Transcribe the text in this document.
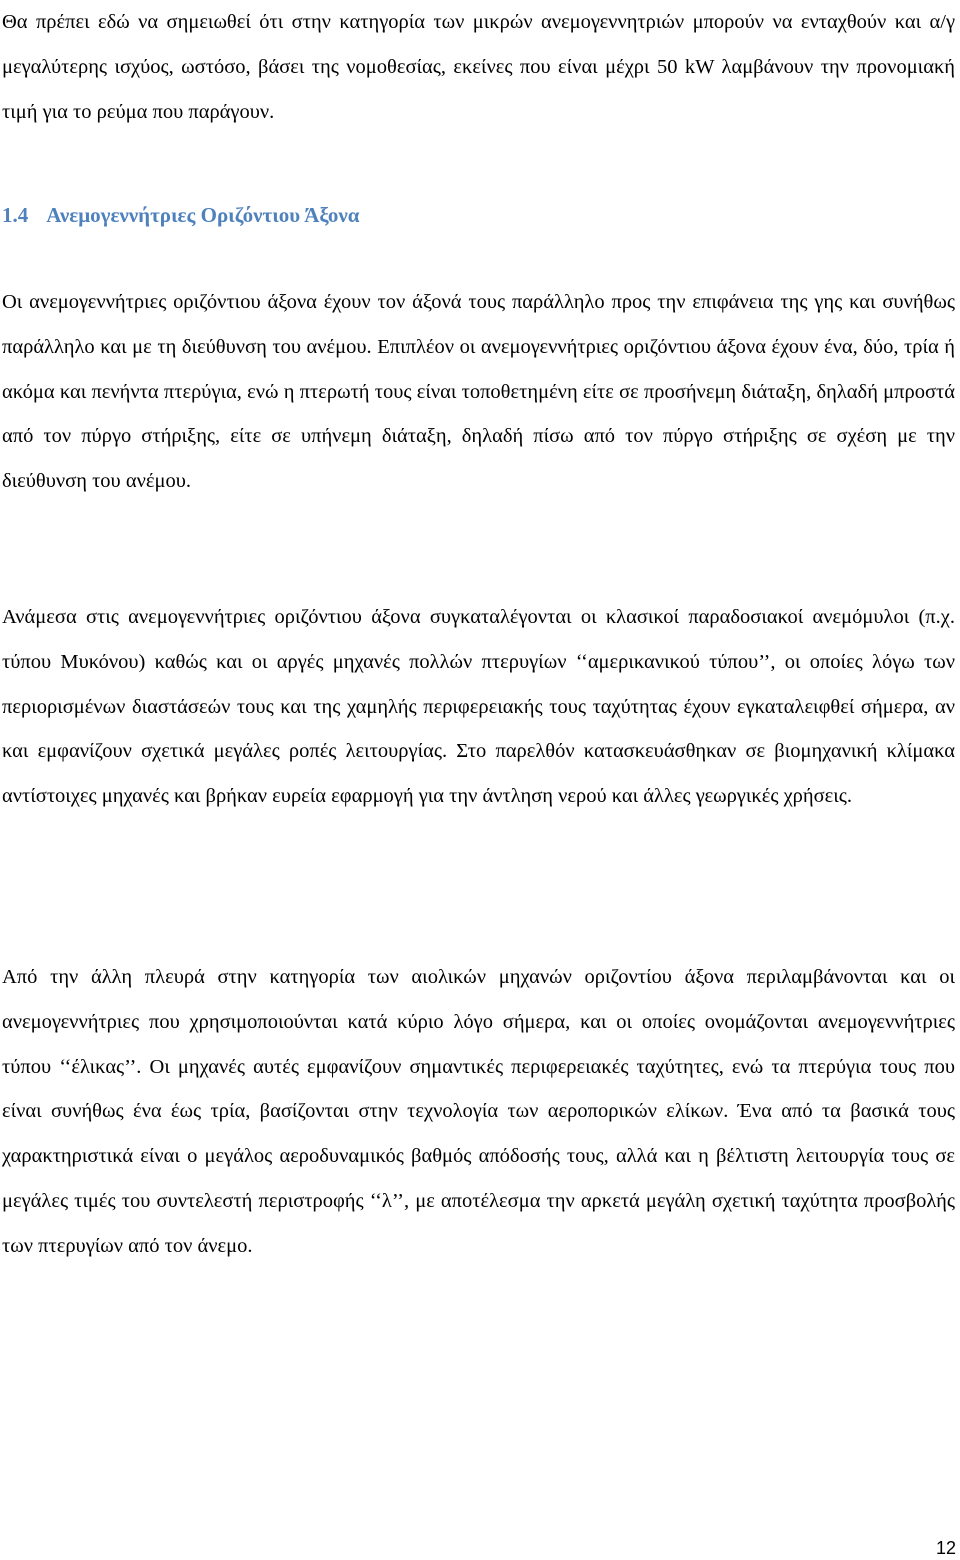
Θα πρέπει εδώ να σημειωθεί ότι στην κατηγορία των μικρών ανεμογεννητριών μπορούν να ενταχθούν και α/γ μεγαλύτερης ισχύος, ωστόσο, βάσει της νομοθεσίας, εκείνες που είναι μέχρι 50 kW λαμβάνουν την προνομιακή τιμή για το ρεύμα που παράγουν.

1.4 Ανεμογεννήτριες Οριζόντιου Άξονα

Οι ανεμογεννήτριες οριζόντιου άξονα έχουν τον άξονά τους παράλληλο προς την επιφάνεια της γης και συνήθως παράλληλο και με τη διεύθυνση του ανέμου. Επιπλέον οι ανεμογεννήτριες οριζόντιου άξονα έχουν ένα, δύο, τρία ή ακόμα και πενήντα πτερύγια, ενώ η πτερωτή τους είναι τοποθετημένη είτε σε προσήνεμη διάταξη, δηλαδή μπροστά από τον πύργο στήριξης, είτε σε υπήνεμη διάταξη, δηλαδή πίσω από τον πύργο στήριξης σε σχέση με την διεύθυνση του ανέμου.

Ανάμεσα στις ανεμογεννήτριες οριζόντιου άξονα συγκαταλέγονται οι κλασικοί παραδοσιακοί ανεμόμυλοι (π.χ. τύπου Μυκόνου) καθώς και οι αργές μηχανές πολλών πτερυγίων ‘‘αμερικανικού τύπου’’, οι οποίες λόγω των περιορισμένων διαστάσεών τους και της χαμηλής περιφερειακής τους ταχύτητας έχουν εγκαταλειφθεί σήμερα, αν και εμφανίζουν σχετικά μεγάλες ροπές λειτουργίας. Στο παρελθόν κατασκευάσθηκαν σε βιομηχανική κλίμακα αντίστοιχες μηχανές και βρήκαν ευρεία εφαρμογή για την άντληση νερού και άλλες γεωργικές χρήσεις.

Από την άλλη πλευρά στην κατηγορία των αιολικών μηχανών οριζοντίου άξονα περιλαμβάνονται και οι ανεμογεννήτριες που χρησιμοποιούνται κατά κύριο λόγο σήμερα, και οι οποίες ονομάζονται ανεμογεννήτριες τύπου ‘‘έλικας’’. Οι μηχανές αυτές εμφανίζουν σημαντικές περιφερειακές ταχύτητες, ενώ τα πτερύγια τους που είναι συνήθως ένα έως τρία, βασίζονται στην τεχνολογία των αεροπορικών ελίκων. Ένα από τα βασικά τους χαρακτηριστικά είναι ο μεγάλος αεροδυναμικός βαθμός απόδοσής τους, αλλά και η βέλτιστη λειτουργία τους σε μεγάλες τιμές του συντελεστή περιστροφής ‘‘λ’’, με αποτέλεσμα την αρκετά μεγάλη σχετική ταχύτητα προσβολής των πτερυγίων από τον άνεμο.

12
